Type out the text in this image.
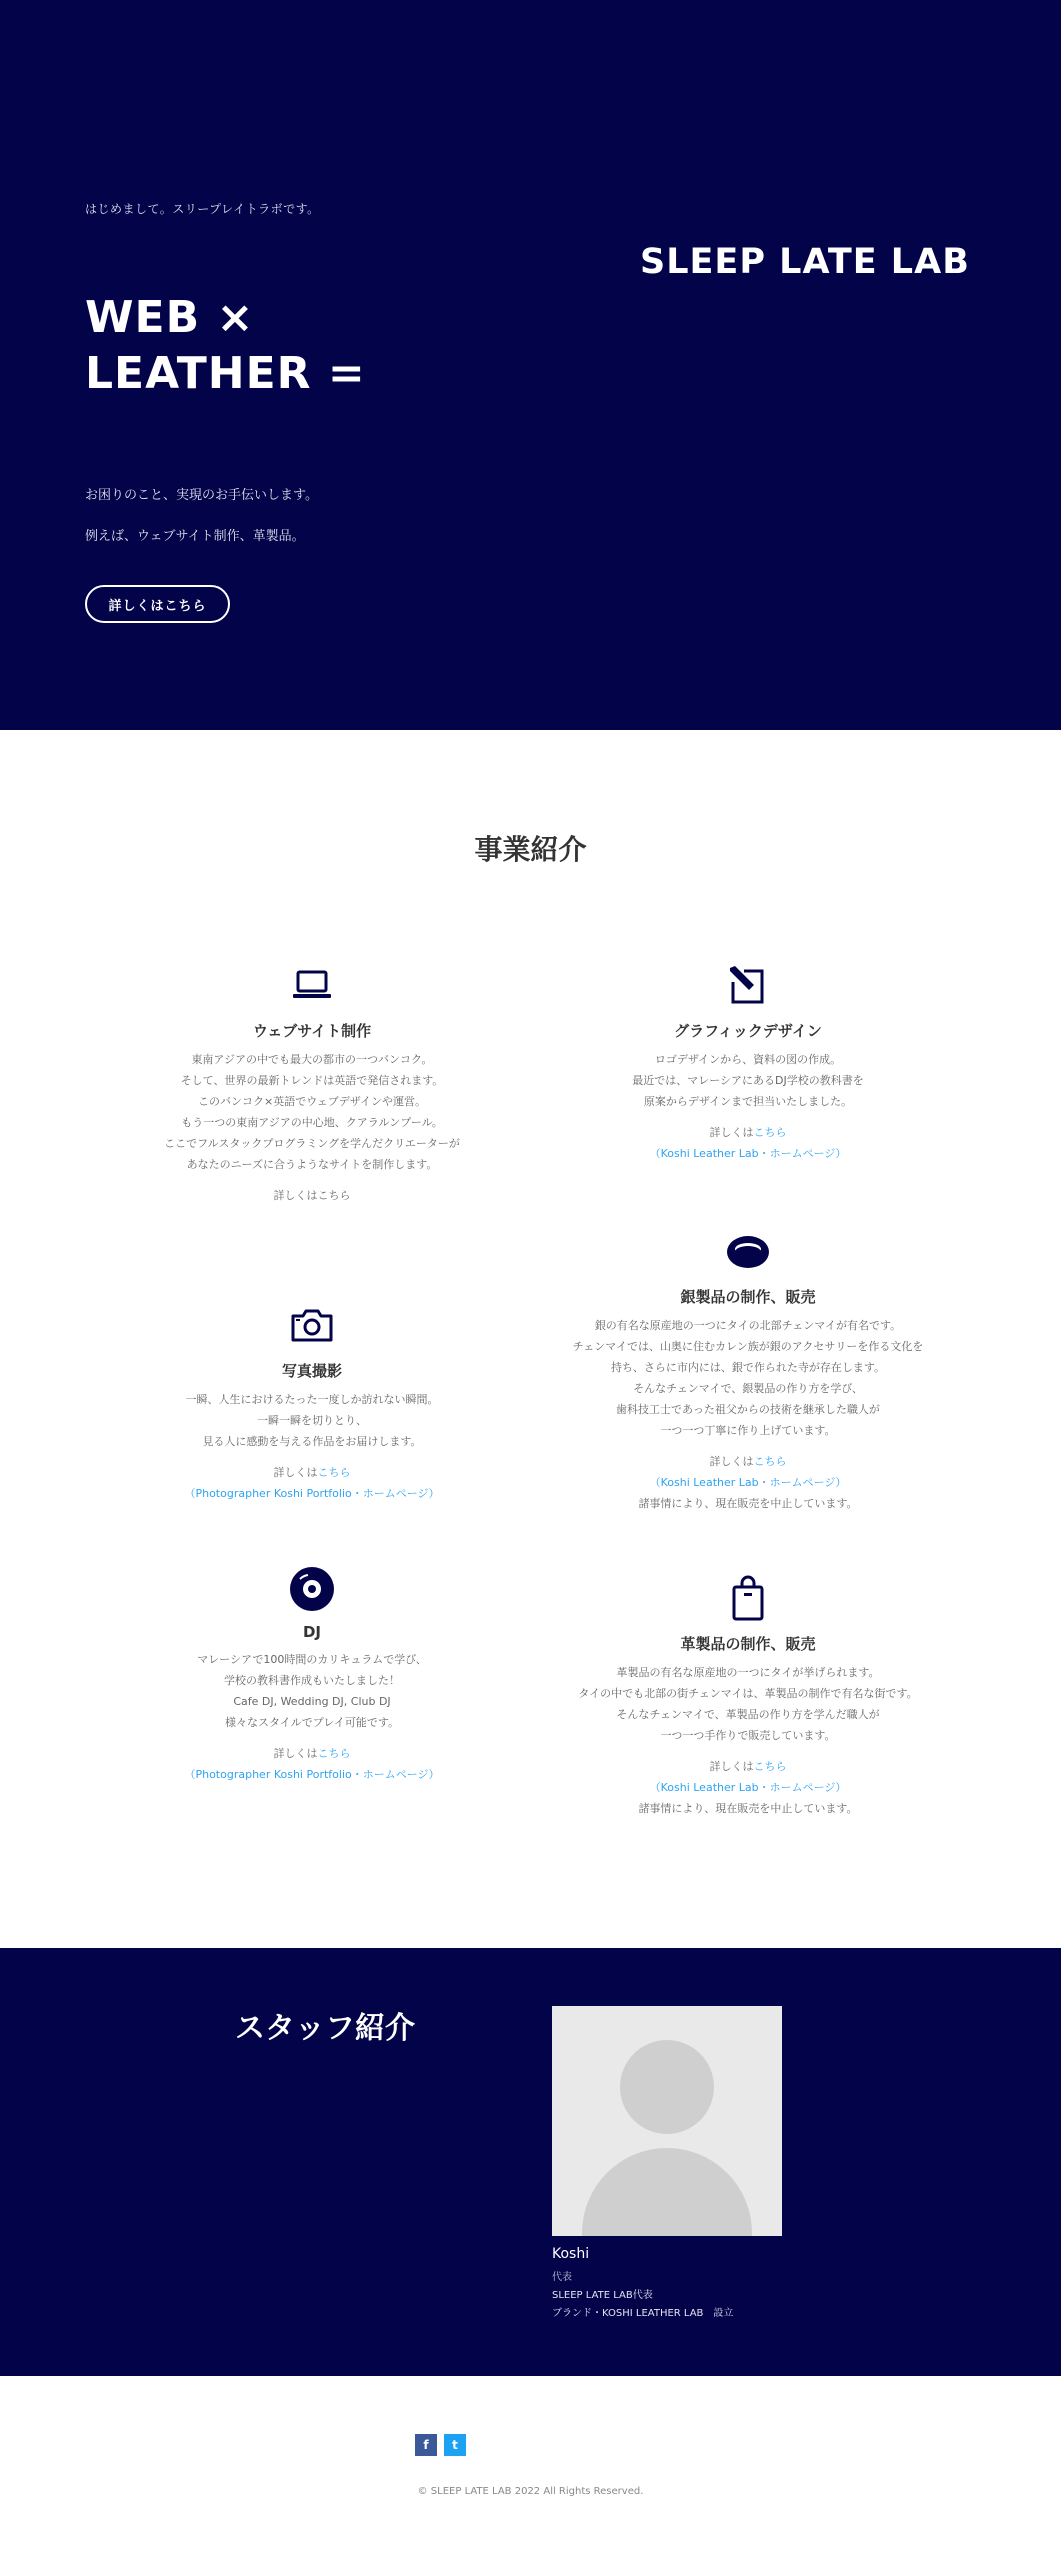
はじめまして。スリープレイトラボです。
WEB ×
LEATHER =
SLEEP LATE LAB
お困りのこと、実現のお手伝いします。
例えば、ウェブサイト制作、革製品。
詳しくはこちら
事業紹介
ウェブサイト制作
東南アジアの中でも最大の都市の一つバンコク。
そして、世界の最新トレンドは英語で発信されます。
このバンコク×英語でウェブデザインや運営。
もう一つの東南アジアの中心地、クアラルンプール。
ここでフルスタックプログラミングを学んだクリエーターが
あなたのニーズに合うようなサイトを制作します。
詳しくはこちら
グラフィックデザイン
ロゴデザインから、資料の図の作成。
最近では、マレーシアにあるDJ学校の教科書を
原案からデザインまで担当いたしました。
詳しくはこちら
（Koshi Leather Lab・ホームページ）
銀製品の制作、販売
銀の有名な原産地の一つにタイの北部チェンマイが有名です。
チェンマイでは、山奥に住むカレン族が銀のアクセサリーを作る文化を
持ち、さらに市内には、銀で作られた寺が存在します。
そんなチェンマイで、銀製品の作り方を学び、
歯科技工士であった祖父からの技術を継承した職人が
一つ一つ丁寧に作り上げています。
詳しくはこちら
（Koshi Leather Lab・ホームページ）
諸事情により、現在販売を中止しています。
写真撮影
一瞬、人生におけるたった一度しか訪れない瞬間。
一瞬一瞬を切りとり、
見る人に感動を与える作品をお届けします。
詳しくはこちら
（Photographer Koshi Portfolio・ホームページ）
DJ
マレーシアで100時間のカリキュラムで学び、
学校の教科書作成もいたしました！
Cafe DJ, Wedding DJ, Club DJ
様々なスタイルでプレイ可能です。
詳しくはこちら
（Photographer Koshi Portfolio・ホームページ）
革製品の制作、販売
革製品の有名な原産地の一つにタイが挙げられます。
タイの中でも北部の街チェンマイは、革製品の制作で有名な街です。
そんなチェンマイで、革製品の作り方を学んだ職人が
一つ一つ手作りで販売しています。
詳しくはこちら
（Koshi Leather Lab・ホームページ）
諸事情により、現在販売を中止しています。
スタッフ紹介
Koshi
代表
SLEEP LATE LAB代表
ブランド・KOSHI LEATHER LAB　設立
f	t
© SLEEP LATE LAB 2022 All Rights Reserved.
